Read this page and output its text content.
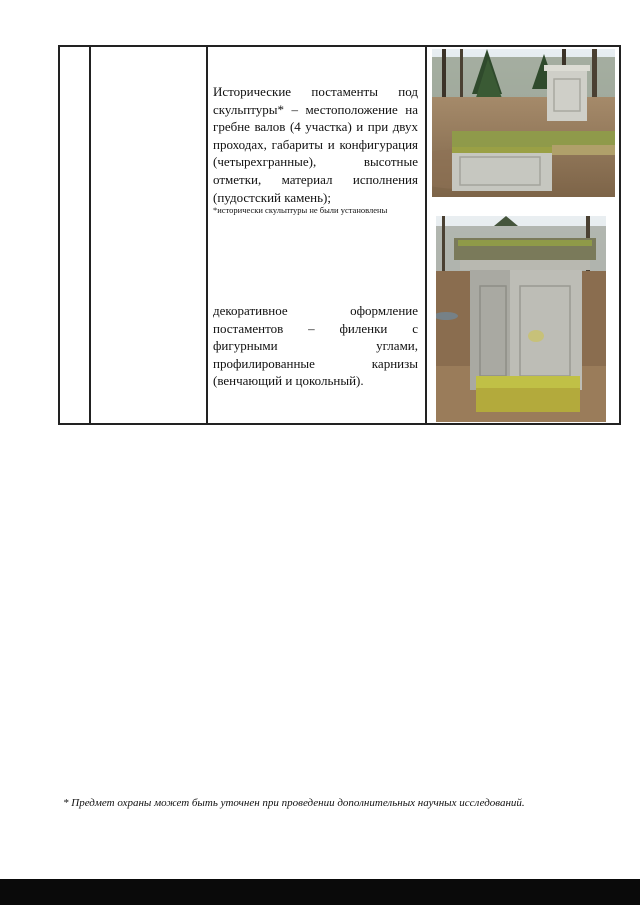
Исторические постаменты под скульптуры* – местоположение на гребне валов (4 участка) и при двух проходах, габариты и конфигурация (четырехгранные), высотные отметки, материал исполнения (пудостский камень);
*исторически скульптуры не были установлены
декоративное оформление постаментов – филенки с фигурными углами, профилированные карнизы (венчающий и цокольный).
* Предмет охраны может быть уточнен при проведении дополнительных научных исследований.
